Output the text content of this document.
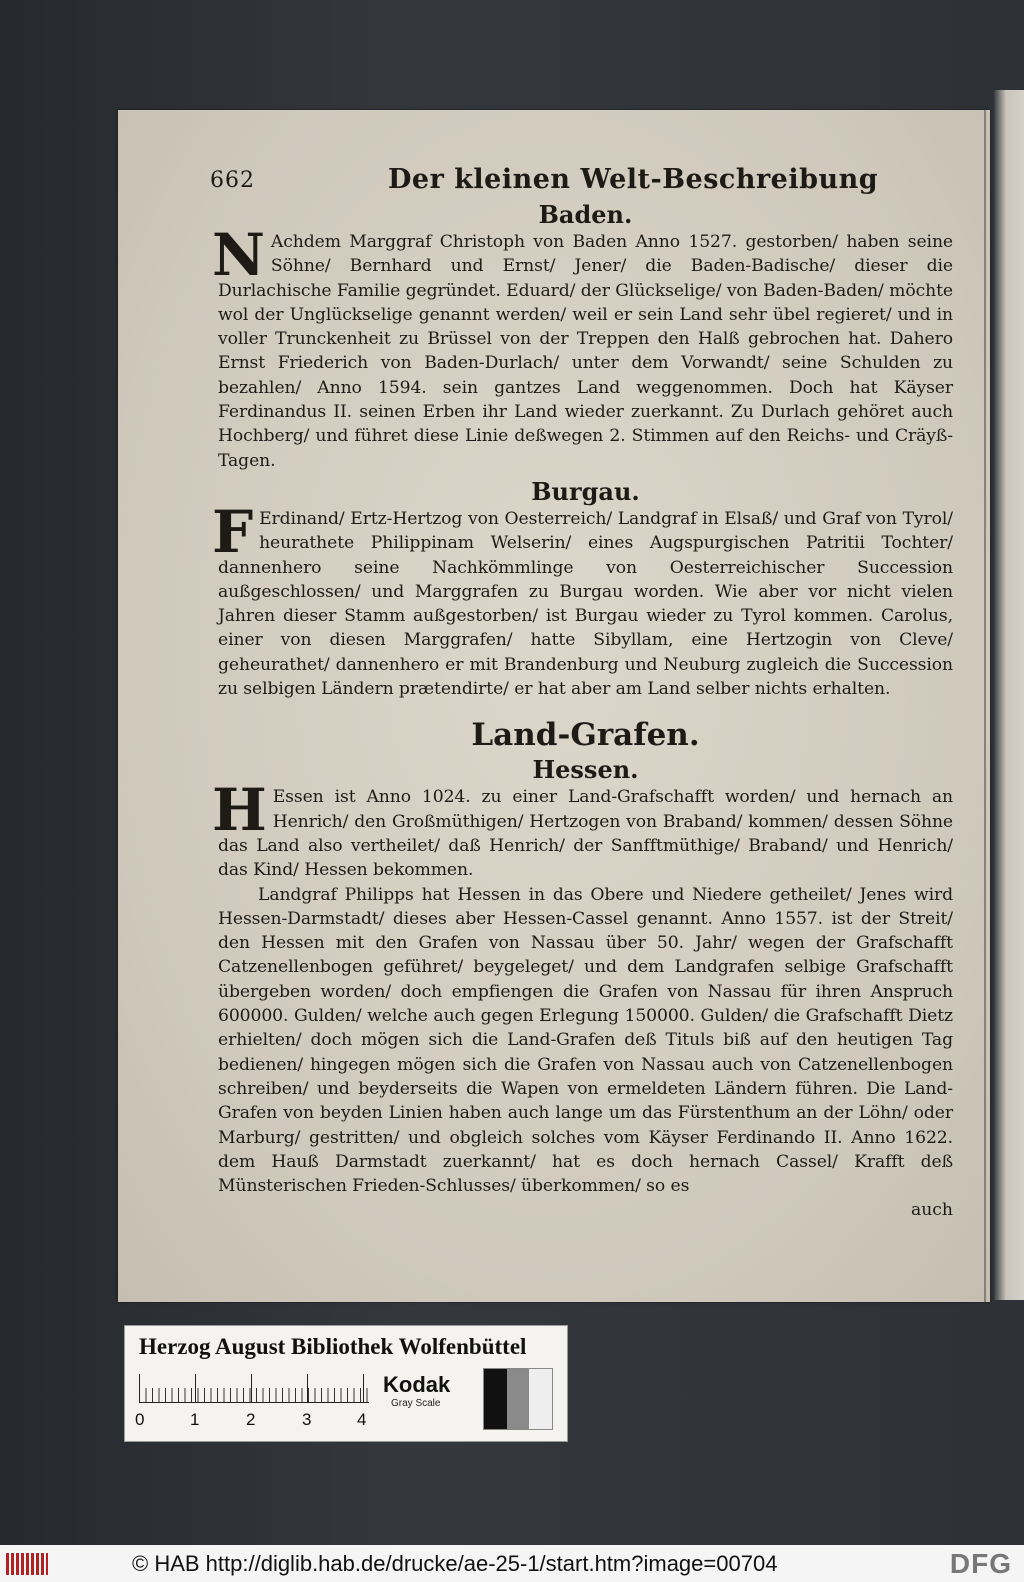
662	Der kleinen Welt-Beschreibung
Baden.

N Achdem Marggraf Christoph von Baden Anno 1527. gestorben/ haben seine Söhne/ Bernhard und Ernst/ Jener/ die Baden-Badische/ dieser die Durlachische Familie gegründet. Eduard/ der Glückselige/ von Baden-Baden/ möchte wol der Unglückselige genannt werden/ weil er sein Land sehr übel regieret/ und in voller Trunckenheit zu Brüssel von der Treppen den Halß gebrochen hat. Dahero Ernst Friederich von Baden-Durlach/ unter dem Vorwandt/ seine Schulden zu bezahlen/ Anno 1594. sein gantzes Land weggenommen. Doch hat Käyser Ferdinandus II. seinen Erben ihr Land wieder zuerkannt. Zu Durlach gehöret auch Hochberg/ und führet diese Linie deßwegen 2. Stimmen auf den Reichs- und Cräyß-Tagen.

Burgau.

F Erdinand/ Ertz-Hertzog von Oesterreich/ Landgraf in Elsaß/ und Graf von Tyrol/ heurathete Philippinam Welserin/ eines Augspurgischen Patritii Tochter/ dannenhero seine Nachkömmlinge von Oesterreichischer Succession außgeschlossen/ und Marggrafen zu Burgau worden. Wie aber vor nicht vielen Jahren dieser Stamm außgestorben/ ist Burgau wieder zu Tyrol kommen. Carolus, einer von diesen Marggrafen/ hatte Sibyllam, eine Hertzogin von Cleve/ geheurathet/ dannenhero er mit Brandenburg und Neuburg zugleich die Succession zu selbigen Ländern prætendirte/ er hat aber am Land selber nichts erhalten.

Land-Grafen.
Hessen.

H Essen ist Anno 1024. zu einer Land-Grafschafft worden/ und hernach an Henrich/ den Großmüthigen/ Hertzogen von Braband/ kommen/ dessen Söhne das Land also vertheilet/ daß Henrich/ der Sanfftmüthige/ Braband/ und Henrich/ das Kind/ Hessen bekommen.

Landgraf Philipps hat Hessen in das Obere und Niedere getheilet/ Jenes wird Hessen-Darmstadt/ dieses aber Hessen-Cassel genannt. Anno 1557. ist der Streit/ den Hessen mit den Grafen von Nassau über 50. Jahr/ wegen der Grafschafft Catzenellenbogen geführet/ beygeleget/ und dem Landgrafen selbige Grafschafft übergeben worden/ doch empfiengen die Grafen von Nassau für ihren Anspruch 600000. Gulden/ welche auch gegen Erlegung 150000. Gulden/ die Grafschafft Dietz erhielten/ doch mögen sich die Land-Grafen deß Tituls biß auf den heutigen Tag bedienen/ hingegen mögen sich die Grafen von Nassau auch von Catzenellenbogen schreiben/ und beyderseits die Wapen von ermeldeten Ländern führen. Die Land-Grafen von beyden Linien haben auch lange um das Fürstenthum an der Löhn/ oder Marburg/ gestritten/ und obgleich solches vom Käyser Ferdinando II. Anno 1622. dem Hauß Darmstadt zuerkannt/ hat es doch hernach Cassel/ Krafft deß Münsterischen Frieden-Schlusses/ überkommen/ so es

auch
Herzog August Bibliothek Wolfenbüttel
0	1	2	3	4
Kodak
Gray Scale
© HAB http://diglib.hab.de/drucke/ae-25-1/start.htm?image=00704	DFG
